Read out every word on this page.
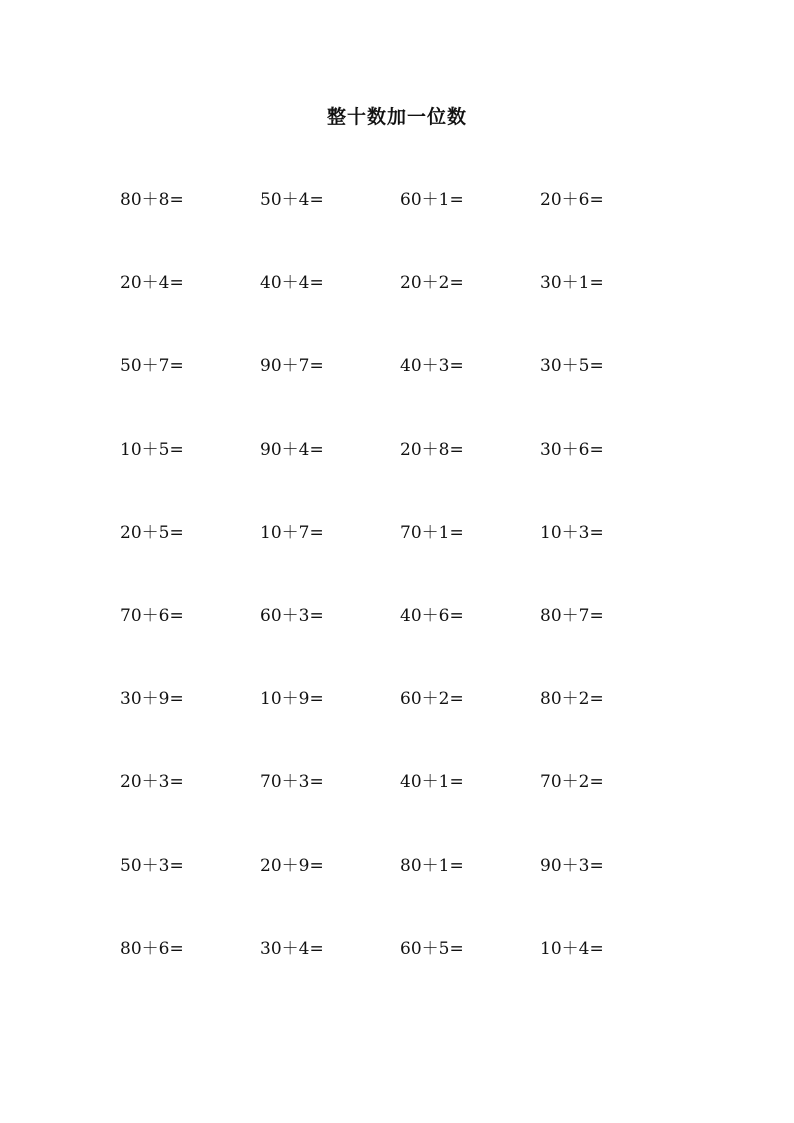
整十数加一位数
80＋8=	50＋4=	60＋1=	20＋6=
20＋4=	40＋4=	20＋2=	30＋1=
50＋7=	90＋7=	40＋3=	30＋5=
10＋5=	90＋4=	20＋8=	30＋6=
20＋5=	10＋7=	70＋1=	10＋3=
70＋6=	60＋3=	40＋6=	80＋7=
30＋9=	10＋9=	60＋2=	80＋2=
20＋3=	70＋3=	40＋1=	70＋2=
50＋3=	20＋9=	80＋1=	90＋3=
80＋6=	30＋4=	60＋5=	10＋4=
